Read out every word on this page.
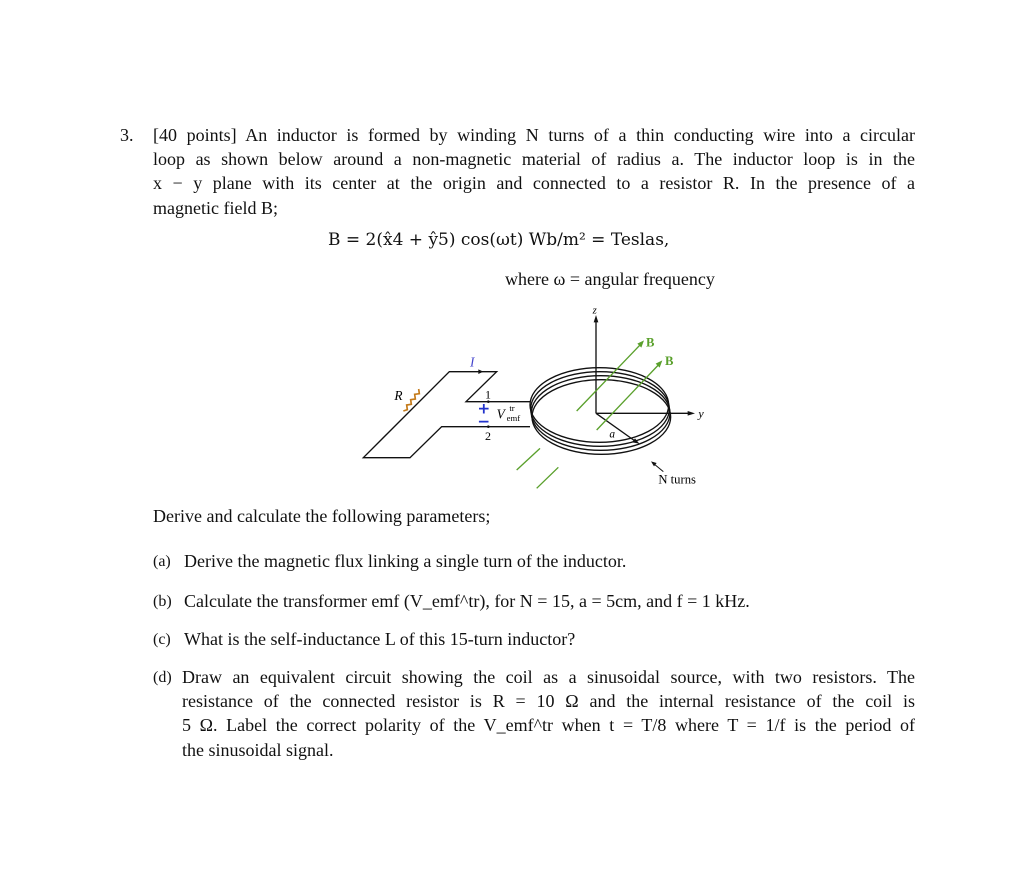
3. [40 points] An inductor is formed by winding N turns of a thin conducting wire into a circular
loop as shown below around a non-magnetic material of radius a. The inductor loop is in the
x − y plane with its center at the origin and connected to a resistor R. In the presence of a
magnetic field B;
B = 2(x̂4 + ŷ5) cos(ωt) Wb/m² = Teslas,
where ω = angular frequency
R
I
1
2
+
− V tr
emf
z
y
a
B
B
N turns
Derive and calculate the following parameters;
(a) Derive the magnetic flux linking a single turn of the inductor.
(b) Calculate the transformer emf (V_emf^tr), for N = 15, a = 5cm, and f = 1 kHz.
(c) What is the self-inductance L of this 15-turn inductor?
(d) Draw an equivalent circuit showing the coil as a sinusoidal source, with two resistors. The
resistance of the connected resistor is R = 10 Ω and the internal resistance of the coil is
5 Ω. Label the correct polarity of the V_emf^tr when t = T/8 where T = 1/f is the period of
the sinusoidal signal.
